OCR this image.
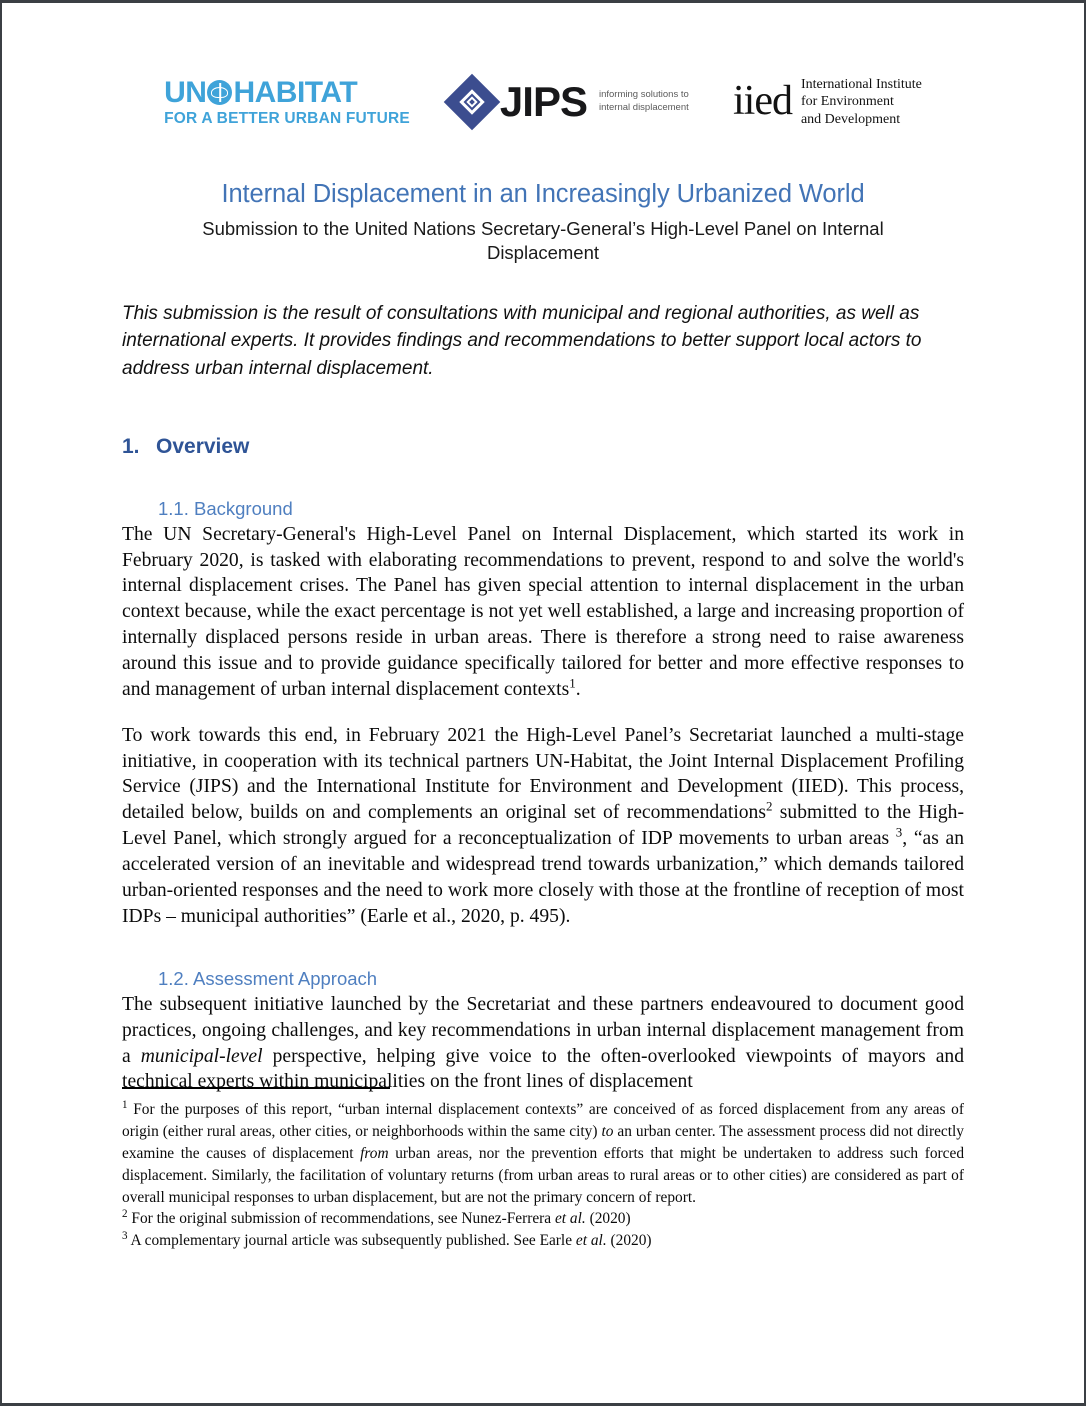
UN HABITAT
FOR A BETTER URBAN FUTURE JIPS informing solutions to internal displacement iied International Institute
for Environment
and Development
Internal Displacement in an Increasingly Urbanized World
Submission to the United Nations Secretary-General’s High-Level Panel on Internal Displacement
This submission is the result of consultations with municipal and regional authorities, as well as international experts. It provides findings and recommendations to better support local actors to address urban internal displacement.
1. Overview
1.1. Background

The UN Secretary-General's High-Level Panel on Internal Displacement, which started its work in February 2020, is tasked with elaborating recommendations to prevent, respond to and solve the world's internal displacement crises. The Panel has given special attention to internal displacement in the urban context because, while the exact percentage is not yet well established, a large and increasing proportion of internally displaced persons reside in urban areas. There is therefore a strong need to raise awareness around this issue and to provide guidance specifically tailored for better and more effective responses to and management of urban internal displacement contexts$^1$.

To work towards this end, in February 2021 the High-Level Panel’s Secretariat launched a multi-stage initiative, in cooperation with its technical partners UN-Habitat, the Joint Internal Displacement Profiling Service (JIPS) and the International Institute for Environment and Development (IIED). This process, detailed below, builds on and complements an original set of recommendations$^2$ submitted to the High-Level Panel, which strongly argued for a reconceptualization of IDP movements to urban areas $^3$, “as an accelerated version of an inevitable and widespread trend towards urbanization,” which demands tailored urban-oriented responses and the need to work more closely with those at the frontline of reception of most IDPs – municipal authorities” (Earle et al., 2020, p. 495).

1.2. Assessment Approach

The subsequent initiative launched by the Secretariat and these partners endeavoured to document good practices, ongoing challenges, and key recommendations in urban internal displacement management from a municipal-level perspective, helping give voice to the often-overlooked viewpoints of mayors and technical experts within municipalities on the front lines of displacement

$^1$ For the purposes of this report, “urban internal displacement contexts” are conceived of as forced displacement from any areas of origin (either rural areas, other cities, or neighborhoods within the same city) to an urban center. The assessment process did not directly examine the causes of displacement from urban areas, nor the prevention efforts that might be undertaken to address such forced displacement. Similarly, the facilitation of voluntary returns (from urban areas to rural areas or to other cities) are considered as part of overall municipal responses to urban displacement, but are not the primary concern of report.

$^2$ For the original submission of recommendations, see Nunez-Ferrera et al. (2020)

$^3$ A complementary journal article was subsequently published. See Earle et al. (2020)
